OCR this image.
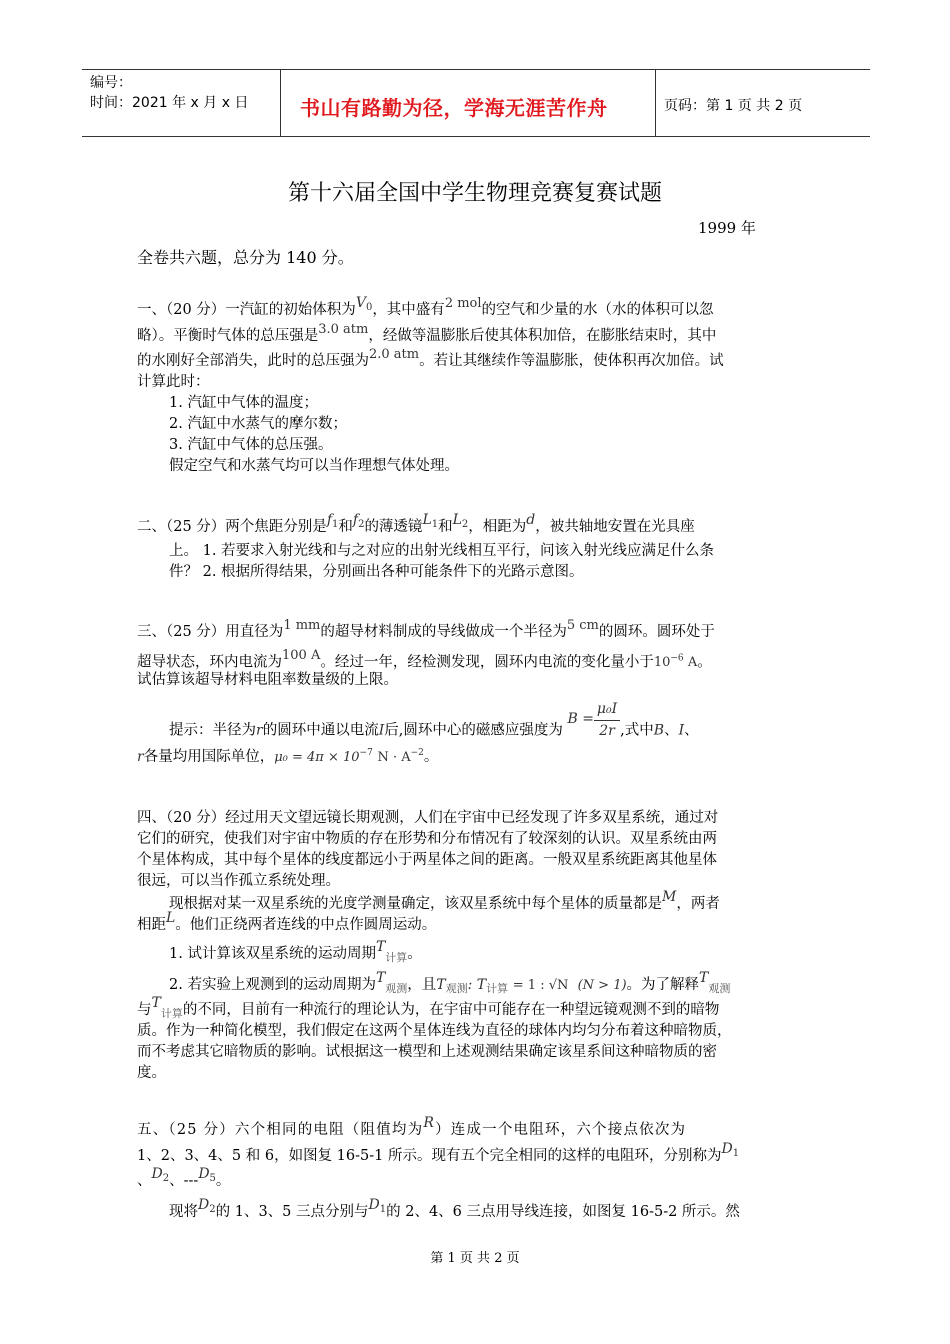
编号：
时间：2021 年 x 月 x 日	书山有路勤为径，学海无涯苦作舟	页码：第 1 页 共 2 页
第十六届全国中学生物理竞赛复赛试题
1999 年
全卷共六题，总分为 140 分。
一、（20 分）一汽缸的初始体积为$V_0$，其中盛有2 mol的空气和少量的水（水的体积可以忽
略）。平衡时气体的总压强是3.0 atm，经做等温膨胀后使其体积加倍，在膨胀结束时，其中
的水刚好全部消失，此时的总压强为2.0 atm。若让其继续作等温膨胀，使体积再次加倍。试
计算此时：
1. 汽缸中气体的温度；
2. 汽缸中水蒸气的摩尔数；
3. 汽缸中气体的总压强。
假定空气和水蒸气均可以当作理想气体处理。
二、（25 分）两个焦距分别是$f_1$和$f_2$的薄透镜$L_1$和$L_2$，相距为d，被共轴地安置在光具座
上。 1. 若要求入射光线和与之对应的出射光线相互平行，问该入射光线应满足什么条
件？ 2. 根据所得结果，分别画出各种可能条件下的光路示意图。
三、（25 分）用直径为1 mm的超导材料制成的导线做成一个半径为5 cm的圆环。圆环处于
超导状态，环内电流为100 A。经过一年，经检测发现，圆环内电流的变化量小于$10^{-6}$ A。
试估算该超导材料电阻率数量级的上限。
提示：半径为r的圆环中通以电流I后,圆环中心的磁感应强度为 $B = \frac{\text{μ₀I}}{2r}$ ,式中B、I、
r各量均用国际单位，$\mu_0 = 4\pi \times 10^{-7}$ $N \cdot A^{-2}$。
四、（20 分）经过用天文望远镜长期观测，人们在宇宙中已经发现了许多双星系统，通过对
它们的研究，使我们对宇宙中物质的存在形势和分布情况有了较深刻的认识。双星系统由两
个星体构成，其中每个星体的线度都远小于两星体之间的距离。一般双星系统距离其他星体
很远，可以当作孤立系统处理。
现根据对某一双星系统的光度学测量确定，该双星系统中每个星体的质量都是M，两者
相距L。他们正绕两者连线的中点作圆周运动。
1. 试计算该双星系统的运动周期$T_{计算}$。
2. 若实验上观测到的运动周期为$T_{观测}$，且$T_{观测}$: $T_{计算} = 1$ : √N (N > 1)。为了解释$T_{观测}$
与$T_{计算}$的不同，目前有一种流行的理论认为，在宇宙中可能存在一种望远镜观测不到的暗物
质。作为一种简化模型，我们假定在这两个星体连线为直径的球体内均匀分布着这种暗物质，
而不考虑其它暗物质的影响。试根据这一模型和上述观测结果确定该星系间这种暗物质的密
度。
五、（25 分）六个相同的电阻（阻值均为R）连成一个电阻环，六个接点依次为
1、2、3、4、5 和 6，如图复 16-5-1 所示。现有五个完全相同的这样的电阻环，分别称为$D_1$
、$D_2$、$---D_5$。
现将$D_2$的 1、3、5 三点分别与$D_1$的 2、4、6 三点用导线连接，如图复 16-5-2 所示。然
第 1 页 共 2 页
